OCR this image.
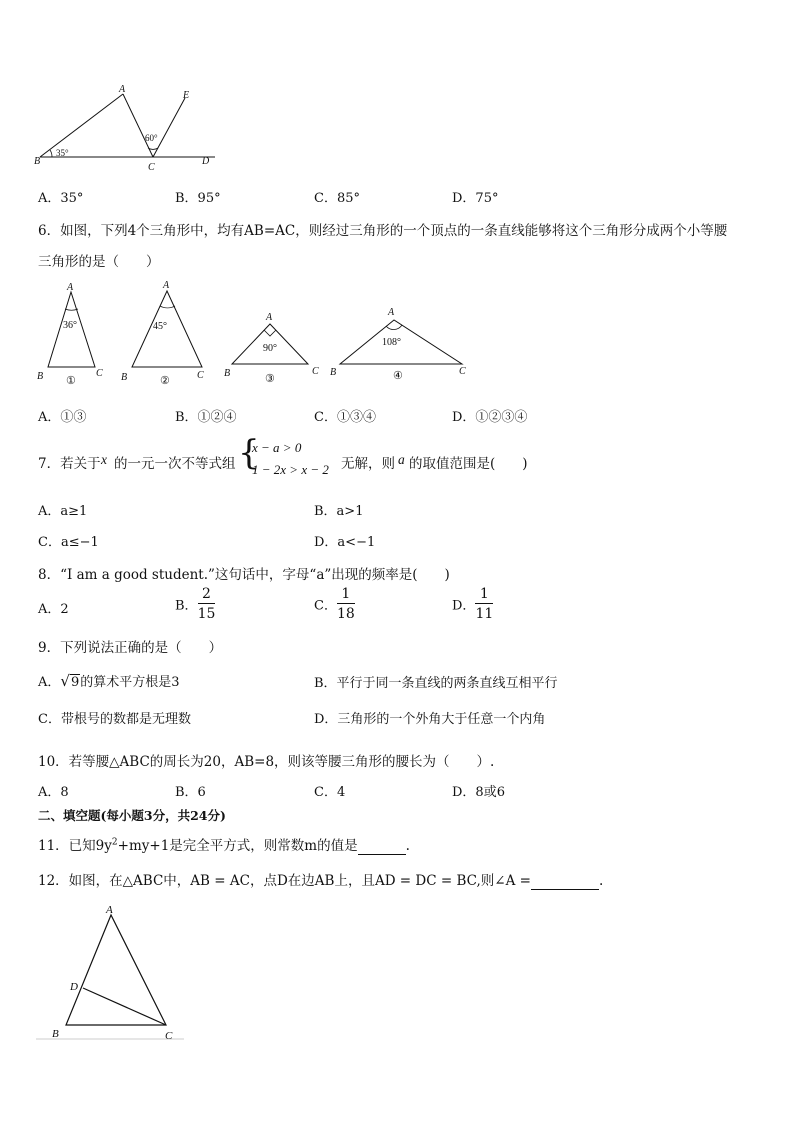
A
B
C
D
E
35°
60°
A．35°	B．95°	C．85°	D．75°
6．如图，下列4个三角形中，均有AB=AC，则经过三角形的一个顶点的一条直线能够将这个三角形分成两个小等腰
三角形的是（　　）
A
B	C
36°
①
A
B	C
45°
②
A
B	C
90°
③
A
B	C
108°
④
A．①③	B．①②④	C．①③④	D．①②③④
7．若关于 x 的一元一次不等式组 {
x − a > 0
1 − 2x > x − 2 无解，则 a 的取值范围是(　　)
A．a≥1	B．a>1
C．a≤−1	D．a<−1
8．“I am a good student.”这句话中，字母“a”出现的频率是(　　)
A．2	B． $\frac{2}{15}$	C． $\frac{1}{18}$	D． $\frac{1}{11}$
9．下列说法正确的是（　　）
A．√9的算术平方根是3	B．平行于同一条直线的两条直线互相平行
C．带根号的数都是无理数	D．三角形的一个外角大于任意一个内角
10．若等腰△ABC的周长为20，AB=8，则该等腰三角形的腰长为（　　）.
A．8	B．6	C．4	D．8或6
二、填空题(每小题3分，共24分)
11．已知$9y^2+my+1$是完全平方式，则常数m的值是	.
12．如图，在△ABC中，AB = AC，点D在边AB上，且AD = DC = BC,则∠A =	.
A
B	C
D
